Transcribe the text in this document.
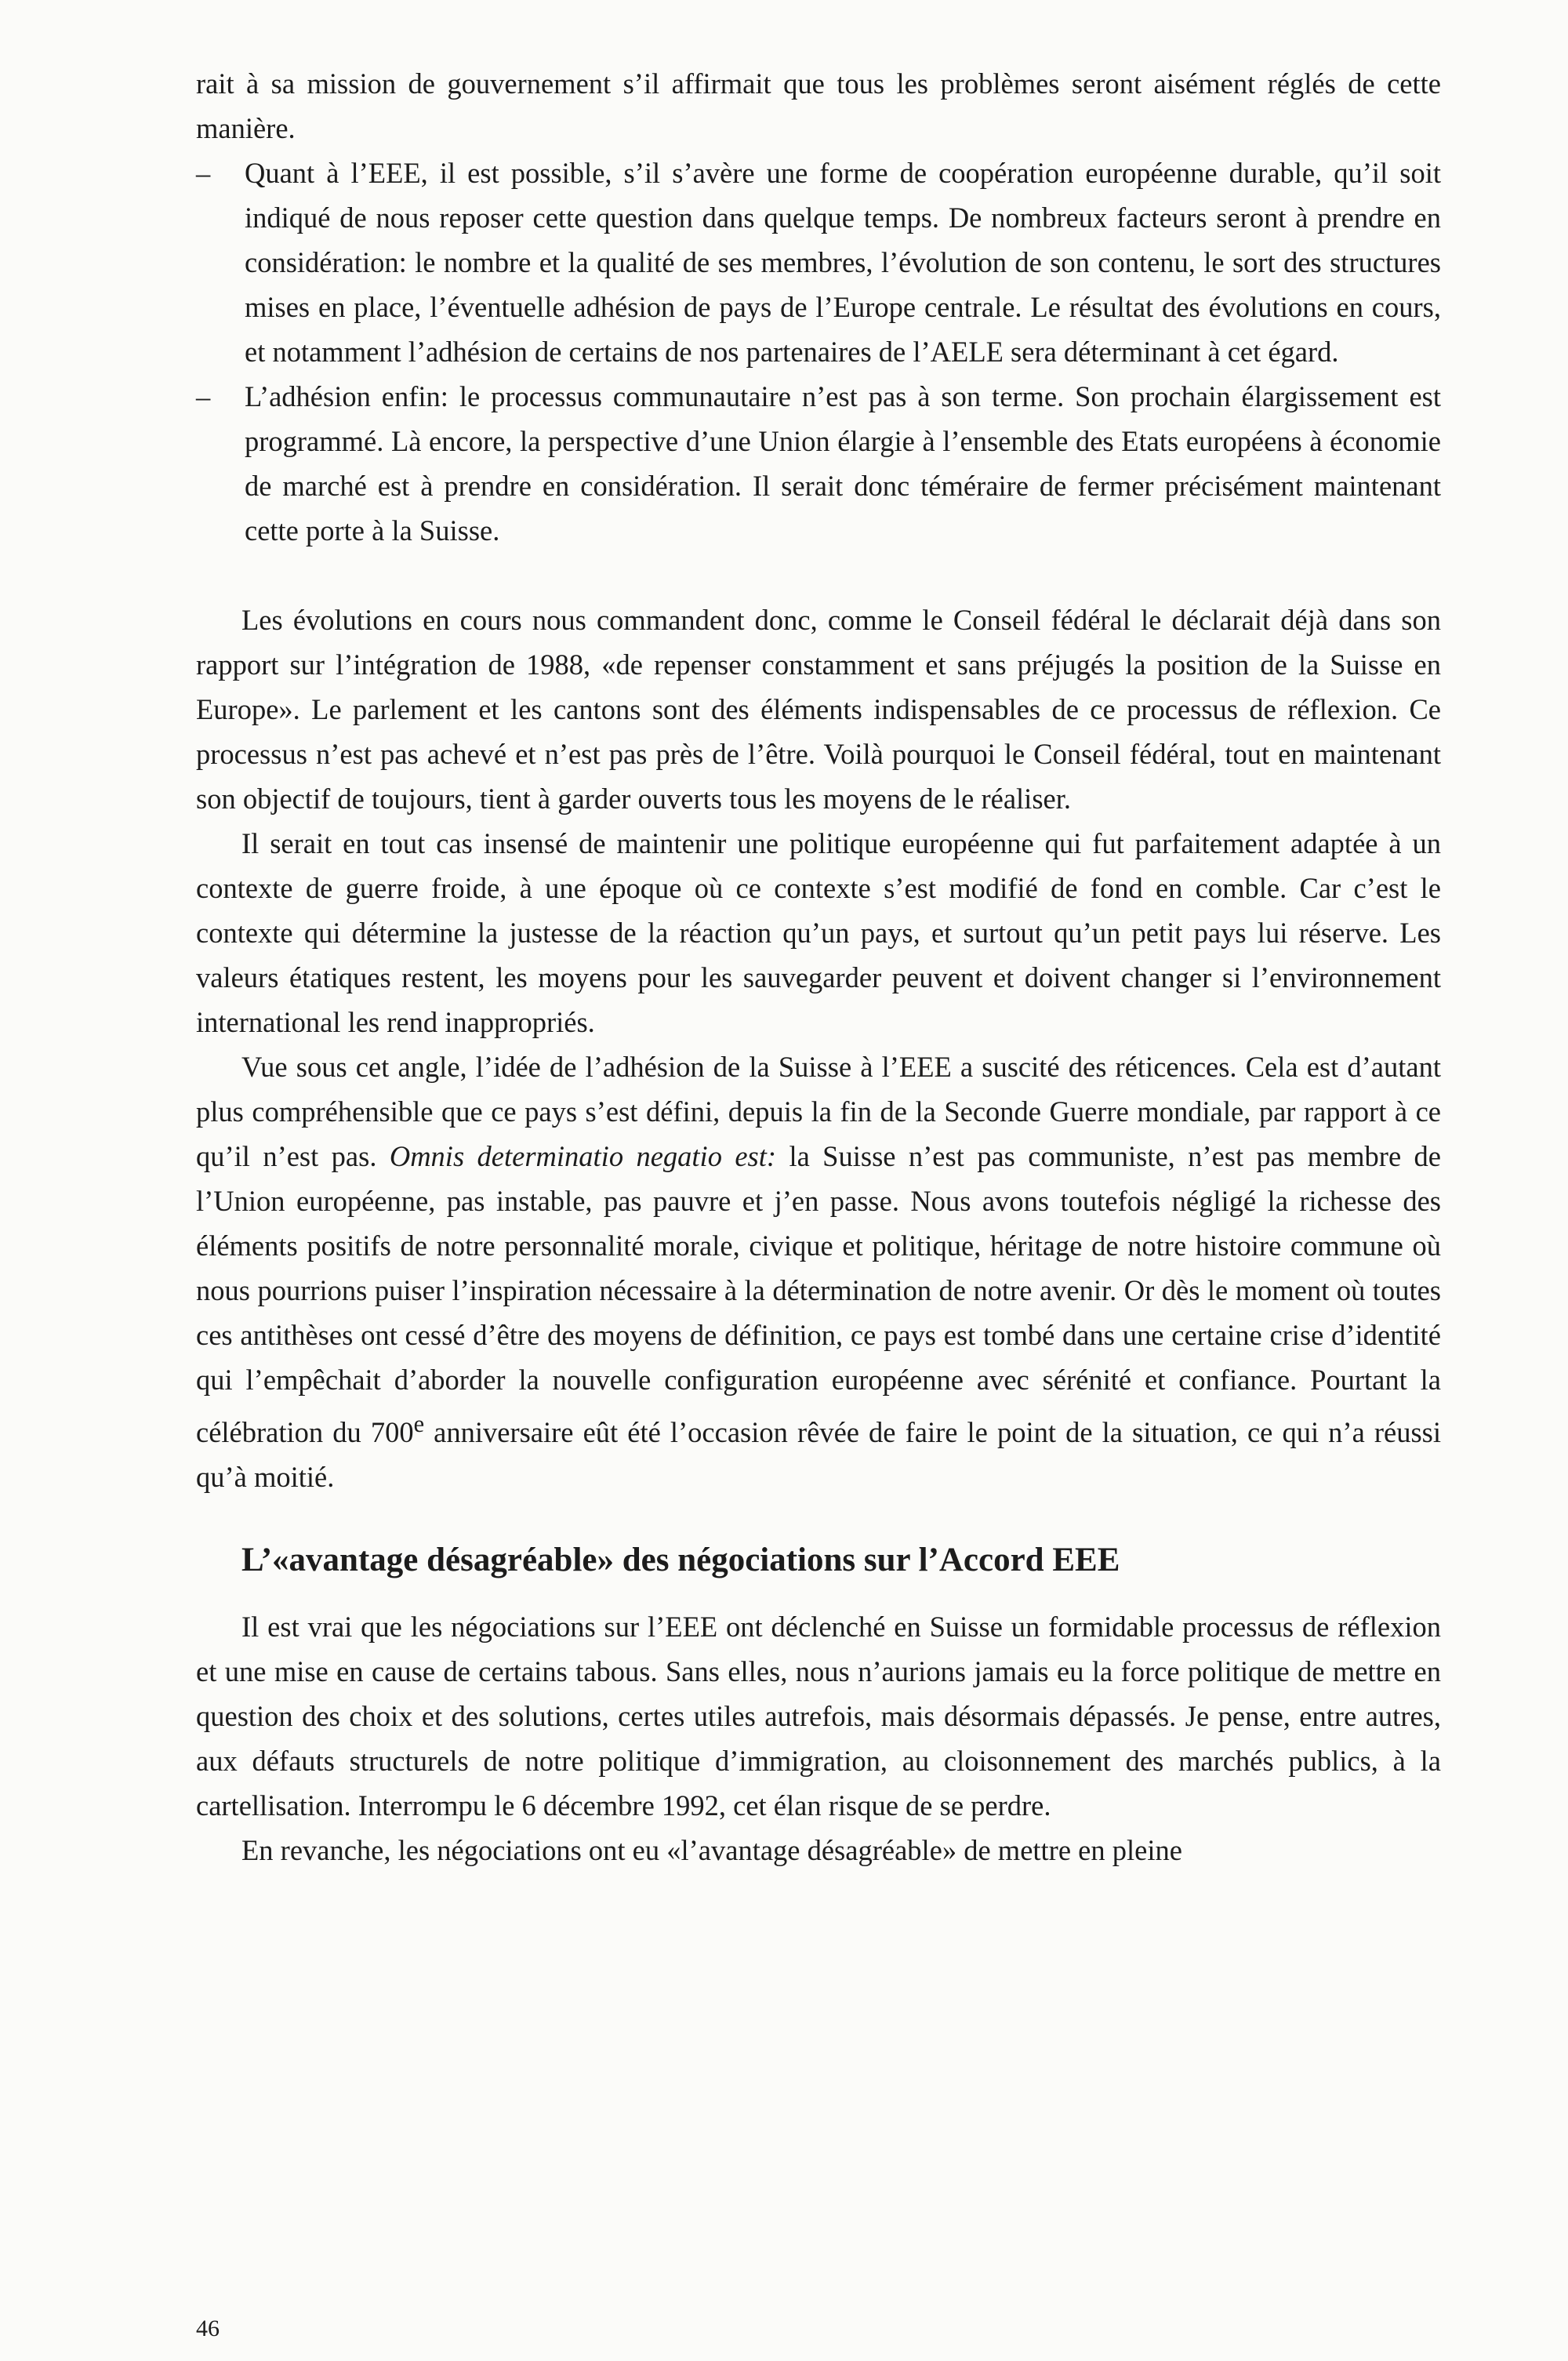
rait à sa mission de gouvernement s’il affirmait que tous les problèmes seront aisément réglés de cette manière.

– Quant à l’EEE, il est possible, s’il s’avère une forme de coopération européenne durable, qu’il soit indiqué de nous reposer cette question dans quelque temps. De nombreux facteurs seront à prendre en considération: le nombre et la qualité de ses membres, l’évolution de son contenu, le sort des structures mises en place, l’éventuelle adhésion de pays de l’Europe centrale. Le résultat des évolutions en cours, et notamment l’adhésion de certains de nos partenaires de l’AELE sera déterminant à cet égard.

– L’adhésion enfin: le processus communautaire n’est pas à son terme. Son prochain élargissement est programmé. Là encore, la perspective d’une Union élargie à l’ensemble des Etats européens à économie de marché est à prendre en considération. Il serait donc téméraire de fermer précisément maintenant cette porte à la Suisse.

Les évolutions en cours nous commandent donc, comme le Conseil fédéral le déclarait déjà dans son rapport sur l’intégration de 1988, «de repenser constamment et sans préjugés la position de la Suisse en Europe». Le parlement et les cantons sont des éléments indispensables de ce processus de réflexion. Ce processus n’est pas achevé et n’est pas près de l’être. Voilà pourquoi le Conseil fédéral, tout en maintenant son objectif de toujours, tient à garder ouverts tous les moyens de le réaliser.

Il serait en tout cas insensé de maintenir une politique européenne qui fut parfaitement adaptée à un contexte de guerre froide, à une époque où ce contexte s’est modifié de fond en comble. Car c’est le contexte qui détermine la justesse de la réaction qu’un pays, et surtout qu’un petit pays lui réserve. Les valeurs étatiques restent, les moyens pour les sauvegarder peuvent et doivent changer si l’environnement international les rend inappropriés.

Vue sous cet angle, l’idée de l’adhésion de la Suisse à l’EEE a suscité des réticences. Cela est d’autant plus compréhensible que ce pays s’est défini, depuis la fin de la Seconde Guerre mondiale, par rapport à ce qu’il n’est pas. Omnis determinatio negatio est: la Suisse n’est pas communiste, n’est pas membre de l’Union européenne, pas instable, pas pauvre et j’en passe. Nous avons toutefois négligé la richesse des éléments positifs de notre personnalité morale, civique et politique, héritage de notre histoire commune où nous pourrions puiser l’inspiration nécessaire à la détermination de notre avenir. Or dès le moment où toutes ces antithèses ont cessé d’être des moyens de définition, ce pays est tombé dans une certaine crise d’identité qui l’empêchait d’aborder la nouvelle configuration européenne avec sérénité et confiance. Pourtant la célébration du 700e anniversaire eût été l’occasion rêvée de faire le point de la situation, ce qui n’a réussi qu’à moitié.

L’«avantage désagréable» des négociations sur l’Accord EEE

Il est vrai que les négociations sur l’EEE ont déclenché en Suisse un formidable processus de réflexion et une mise en cause de certains tabous. Sans elles, nous n’aurions jamais eu la force politique de mettre en question des choix et des solutions, certes utiles autrefois, mais désormais dépassés. Je pense, entre autres, aux défauts structurels de notre politique d’immigration, au cloisonnement des marchés publics, à la cartellisation. Interrompu le 6 décembre 1992, cet élan risque de se perdre.

En revanche, les négociations ont eu «l’avantage désagréable» de mettre en pleine

46
